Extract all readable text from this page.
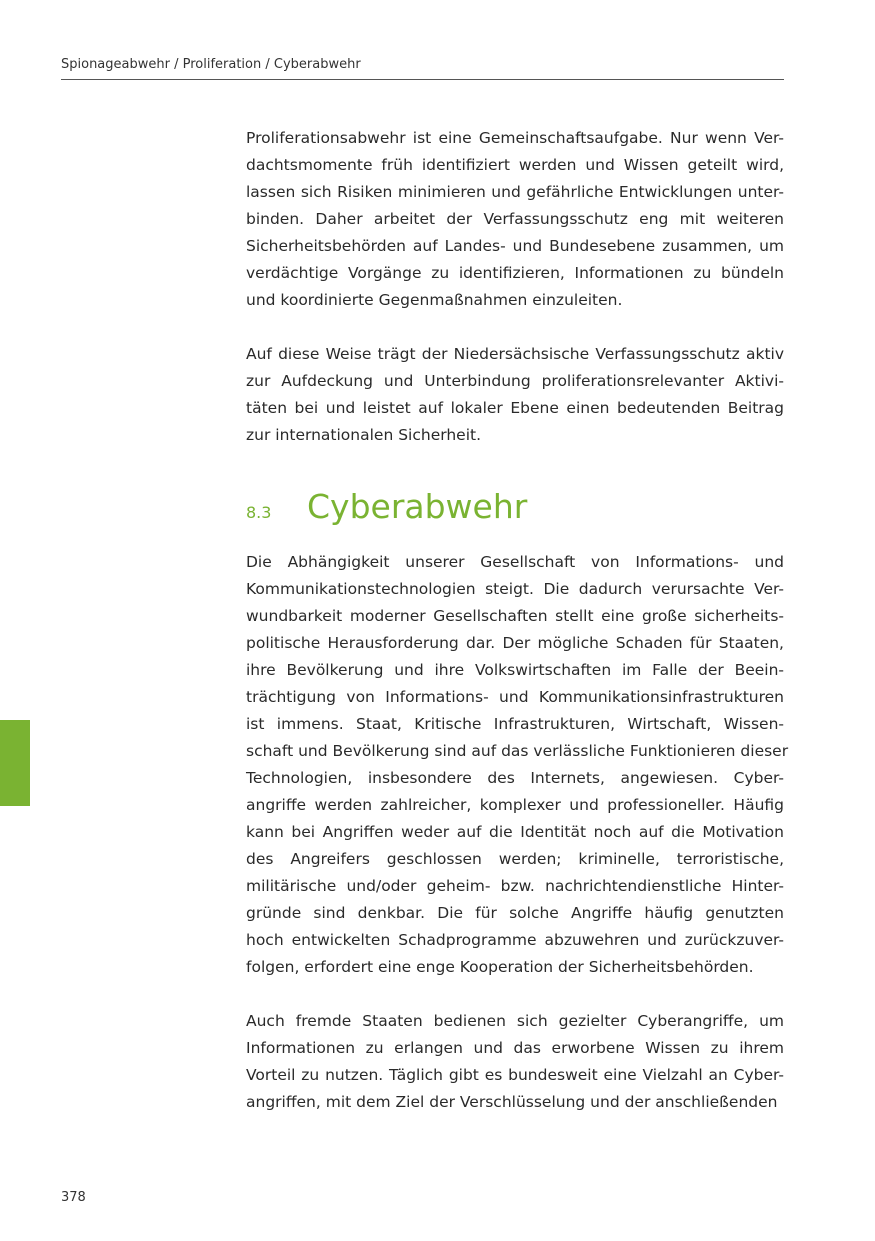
Spionageabwehr / Proliferation / Cyberabwehr

Proliferationsabwehr ist eine Gemeinschaftsaufgabe. Nur wenn Ver-
dachtsmomente früh identifiziert werden und Wissen geteilt wird,
lassen sich Risiken minimieren und gefährliche Entwicklungen unter-
binden. Daher arbeitet der Verfassungsschutz eng mit weiteren
Sicherheitsbehörden auf Landes- und Bundesebene zusammen, um
verdächtige Vorgänge zu identifizieren, Informationen zu bündeln
und koordinierte Gegenmaßnahmen einzuleiten.

Auf diese Weise trägt der Niedersächsische Verfassungsschutz aktiv
zur Aufdeckung und Unterbindung proliferationsrelevanter Aktivi-
täten bei und leistet auf lokaler Ebene einen bedeutenden Beitrag
zur internationalen Sicherheit.

8.3	Cyberabwehr

Die Abhängigkeit unserer Gesellschaft von Informations- und
Kommunikationstechnologien steigt. Die dadurch verursachte Ver-
wundbarkeit moderner Gesellschaften stellt eine große sicherheits-
politische Herausforderung dar. Der mögliche Schaden für Staaten,
ihre Bevölkerung und ihre Volkswirtschaften im Falle der Beein-
trächtigung von Informations- und Kommunikationsinfrastrukturen
ist immens. Staat, Kritische Infrastrukturen, Wirtschaft, Wissen-
schaft und Bevölkerung sind auf das verlässliche Funktionieren dieser
Technologien, insbesondere des Internets, angewiesen. Cyber-
angriffe werden zahlreicher, komplexer und professioneller. Häufig
kann bei Angriffen weder auf die Identität noch auf die Motivation
des Angreifers geschlossen werden; kriminelle, terroristische,
militärische und/oder geheim- bzw. nachrichtendienstliche Hinter-
gründe sind denkbar. Die für solche Angriffe häufig genutzten
hoch entwickelten Schadprogramme abzuwehren und zurückzuver-
folgen, erfordert eine enge Kooperation der Sicherheitsbehörden.

Auch fremde Staaten bedienen sich gezielter Cyberangriffe, um
Informationen zu erlangen und das erworbene Wissen zu ihrem
Vorteil zu nutzen. Täglich gibt es bundesweit eine Vielzahl an Cyber-
angriffen, mit dem Ziel der Verschlüsselung und der anschließenden

378
